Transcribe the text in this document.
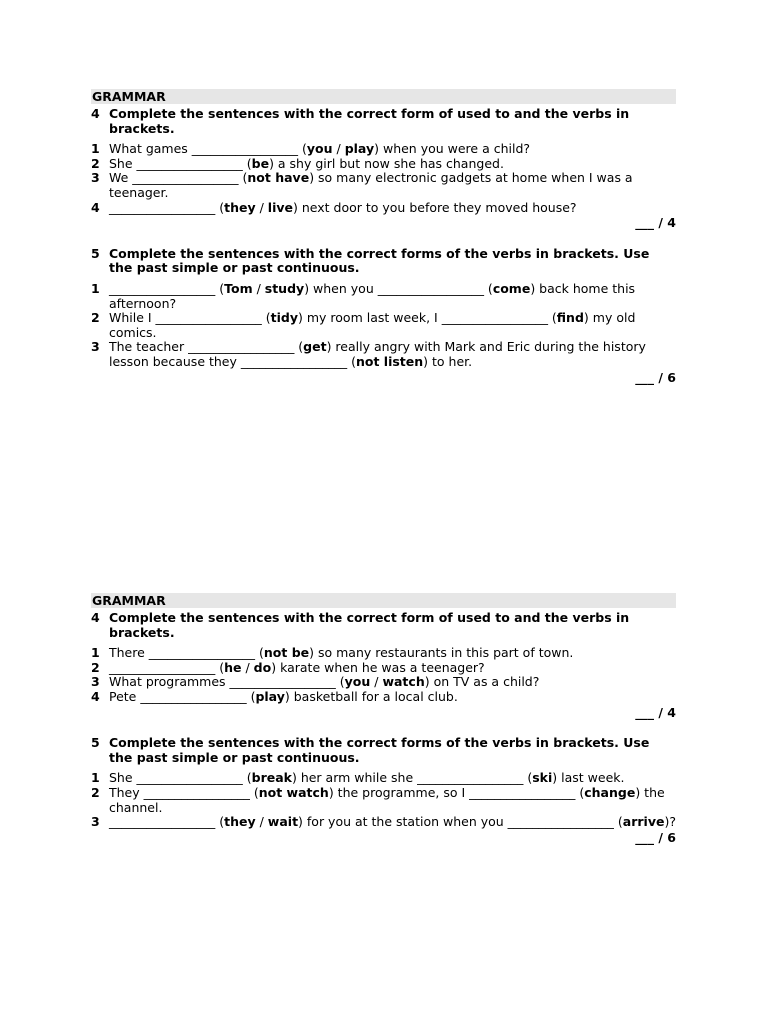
GRAMMAR
4 Complete the sentences with the correct form of used to and the verbs in brackets.
1 What games _________________ (you / play) when you were a child?
2 She _________________ (be) a shy girl but now she has changed.
3 We _________________ (not have) so many electronic gadgets at home when I was a teenager.
4 _________________ (they / live) next door to you before they moved house?
___ / 4
5 Complete the sentences with the correct forms of the verbs in brackets. Use the past simple or past continuous.
1 _________________ (Tom / study) when you _________________ (come) back home this afternoon?
2 While I _________________ (tidy) my room last week, I _________________ (find) my old comics.
3 The teacher _________________ (get) really angry with Mark and Eric during the history lesson because they _________________ (not listen) to her.
___ / 6
GRAMMAR
4 Complete the sentences with the correct form of used to and the verbs in brackets.
1 There _________________ (not be) so many restaurants in this part of town.
2 _________________ (he / do) karate when he was a teenager?
3 What programmes _________________ (you / watch) on TV as a child?
4 Pete _________________ (play) basketball for a local club.
___ / 4
5 Complete the sentences with the correct forms of the verbs in brackets. Use the past simple or past continuous.
1 She _________________ (break) her arm while she _________________ (ski) last week.
2 They _________________ (not watch) the programme, so I _________________ (change) the channel.
3 _________________ (they / wait) for you at the station when you _________________ (arrive)?
___ / 6
